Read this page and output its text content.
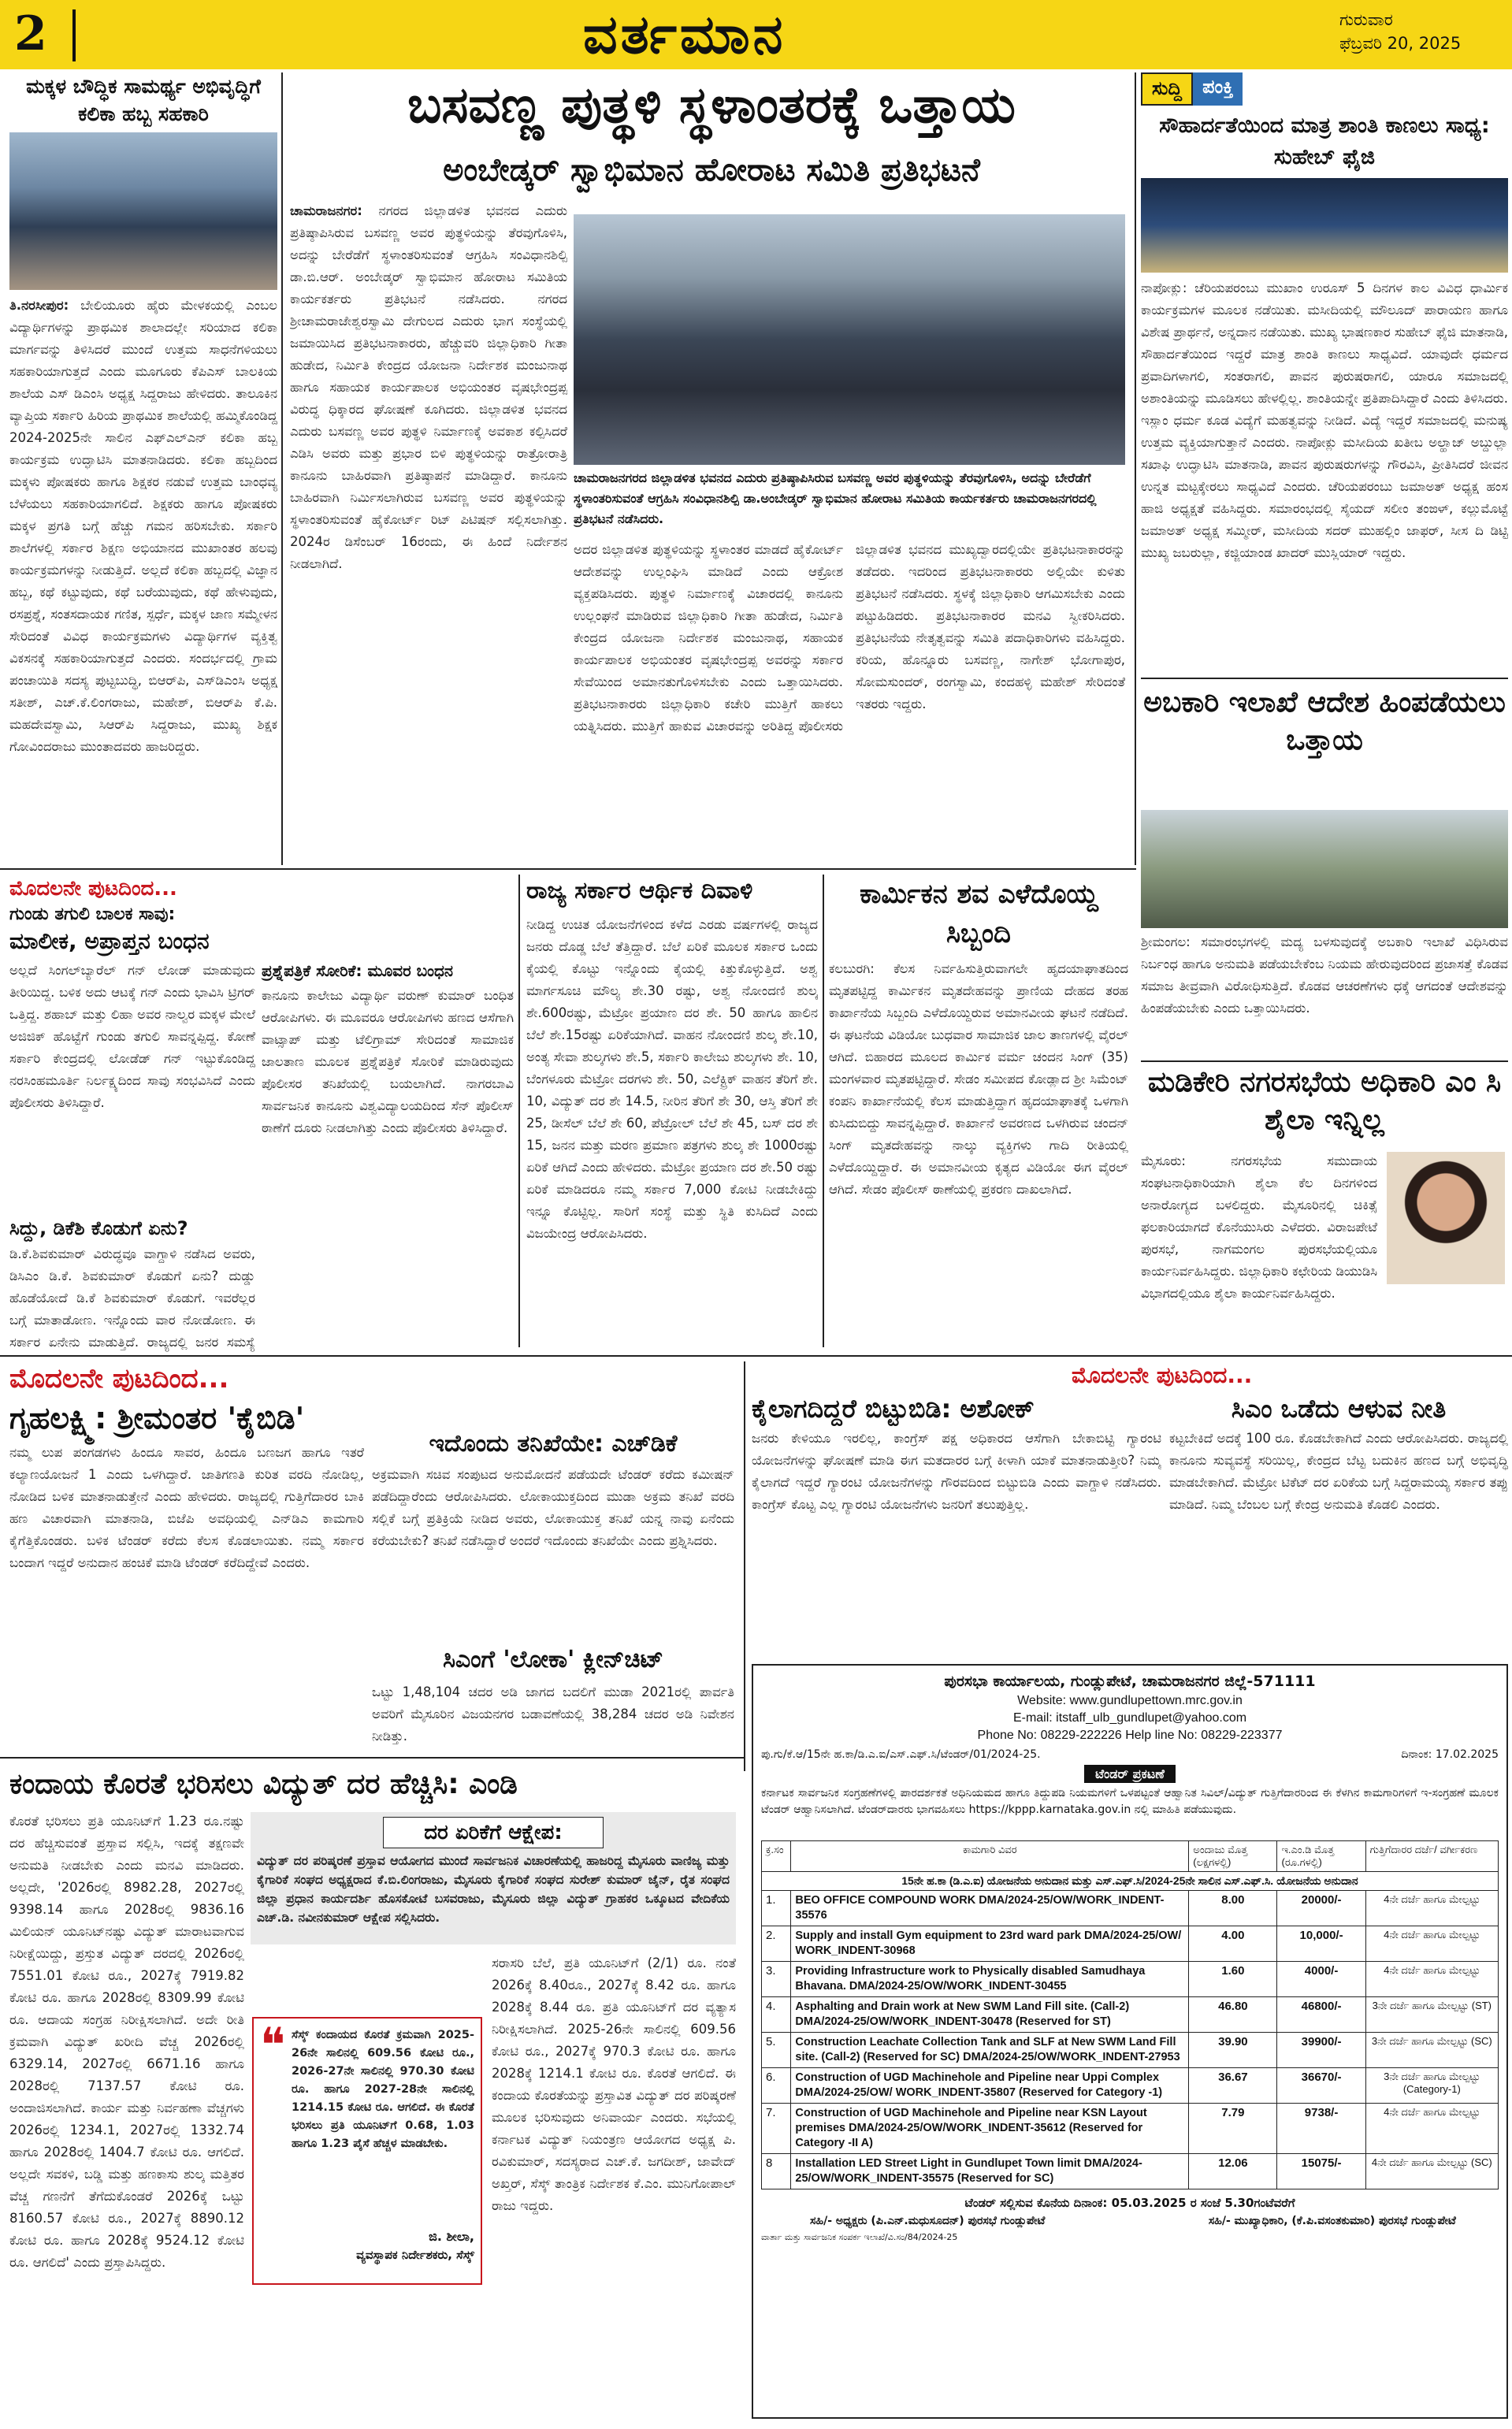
2	ವರ್ತಮಾನ	ಗುರುವಾರ
ಫೆಬ್ರವರಿ 20, 2025
ಮಕ್ಕಳ ಬೌದ್ಧಿಕ ಸಾಮರ್ಥ್ಯ ಅಭಿವೃದ್ಧಿಗೆ ಕಲಿಕಾ ಹಬ್ಬ ಸಹಕಾರಿ
ತಿ.ನರಸೀಪುರ: ಬೇಲಿಯೂರು ಹೈರು ಮೇಳಕಯಲ್ಲಿ ಎಂಬಲ ವಿದ್ಯಾರ್ಥಿಗಳನ್ನು ಪ್ರಾಥಮಿಕ ಶಾಲಾದಲ್ಲೇ ಸರಿಯಾದ ಕಲಿಕಾ ಮಾರ್ಗವನ್ನು ತಿಳಿಸಿದರೆ ಮುಂದೆ ಉತ್ತಮ ಸಾಧನೆಗಳಿಯಲು ಸಹಕಾರಿಯಾಗುತ್ತದೆ ಎಂದು ಮೂಗೂರು ಕೆಪಿಎಸ್ ಬಾಲಕಿಯ ಶಾಲೆಯ ಎಸ್ ಡಿಎಂಸಿ ಅಧ್ಯಕ್ಷ ಸಿದ್ದರಾಜು ಹೇಳಿದರು. ತಾಲೂಕಿನ ವ್ಯಾಪ್ತಿಯ ಸರ್ಕಾರಿ ಹಿರಿಯ ಪ್ರಾಥಮಿಕ ಶಾಲೆಯಲ್ಲಿ ಹಮ್ಮಿಕೊಂಡಿದ್ದ 2024-2025ನೇ ಸಾಲಿನ ಎಫ್ಎಲ್ಎನ್ ಕಲಿಕಾ ಹಬ್ಬ ಕಾರ್ಯಕ್ರಮ ಉದ್ಘಾಟಿಸಿ ಮಾತನಾಡಿದರು. ಕಲಿಕಾ ಹಬ್ಬದಿಂದ ಮಕ್ಕಳು ಪೋಷಕರು ಹಾಗೂ ಶಿಕ್ಷಕರ ನಡುವೆ ಉತ್ತಮ ಬಾಂಧವ್ಯ ಬೆಳೆಯಲು ಸಹಕಾರಿಯಾಗಲಿದೆ. ಶಿಕ್ಷಕರು ಹಾಗೂ ಪೋಷಕರು ಮಕ್ಕಳ ಪ್ರಗತಿ ಬಗ್ಗೆ ಹೆಚ್ಚು ಗಮನ ಹರಿಸಬೇಕು. ಸರ್ಕಾರಿ ಶಾಲೆಗಳಲ್ಲಿ ಸರ್ಕಾರ ಶಿಕ್ಷಣ ಅಭಿಯಾನದ ಮುಖಾಂತರ ಹಲವು ಕಾರ್ಯಕ್ರಮಗಳನ್ನು ನೀಡುತ್ತಿದೆ. ಅಲ್ಲದೆ ಕಲಿಕಾ ಹಬ್ಬದಲ್ಲಿ ವಿಜ್ಞಾನ ಹಬ್ಬ, ಕಥೆ ಕಟ್ಟುವುದು, ಕಥೆ ಬರೆಯುವುದು, ಕಥೆ ಹೇಳುವುದು, ರಸಪ್ರಶ್ನೆ, ಸಂತಸದಾಯಕ ಗಣಿತ, ಸ್ಪರ್ಧೆ, ಮಕ್ಕಳ ಜಾಣ ಸಮ್ಮೇಳನ ಸೇರಿದಂತೆ ವಿವಿಧ ಕಾರ್ಯಕ್ರಮಗಳು ವಿದ್ಯಾರ್ಥಿಗಳ ವ್ಯಕ್ತಿತ್ವ ವಿಕಸನಕ್ಕೆ ಸಹಕಾರಿಯಾಗುತ್ತದೆ ಎಂದರು. ಸಂದರ್ಭದಲ್ಲಿ ಗ್ರಾಮ ಪಂಚಾಯಿತಿ ಸದಸ್ಯ ಪುಟ್ಟಬುದ್ಧಿ, ಬಿಆರ್‌ಪಿ, ಎಸ್‌ಡಿಎಂಸಿ ಅಧ್ಯಕ್ಷ ಸತೀಶ್, ಎಚ್.ಕೆ.ಲಿಂಗರಾಜು, ಮಹೇಶ್, ಬಿಆರ್‌ಪಿ ಕೆ.ಪಿ. ಮಹದೇವಸ್ವಾಮಿ, ಸಿಆರ್‌ಪಿ ಸಿದ್ದರಾಜು, ಮುಖ್ಯ ಶಿಕ್ಷಕ ಗೋವಿಂದರಾಜು ಮುಂತಾದವರು ಹಾಜರಿದ್ದರು.
ಬಸವಣ್ಣ ಪುತ್ಥಳಿ ಸ್ಥಳಾಂತರಕ್ಕೆ ಒತ್ತಾಯ
ಅಂಬೇಡ್ಕರ್ ಸ್ವಾಭಿಮಾನ ಹೋರಾಟ ಸಮಿತಿ ಪ್ರತಿಭಟನೆ
ಚಾಮರಾಜನಗರ: ನಗರದ ಜಿಲ್ಲಾಡಳಿತ ಭವನದ ಎದುರು ಪ್ರತಿಷ್ಠಾಪಿಸಿರುವ ಬಸವಣ್ಣ ಅವರ ಪುತ್ಥಳಿಯನ್ನು ತೆರವುಗೊಳಿಸಿ, ಅದನ್ನು ಬೇರೆಡೆಗೆ ಸ್ಥಳಾಂತರಿಸುವಂತೆ ಆಗ್ರಹಿಸಿ ಸಂವಿಧಾನಶಿಲ್ಪಿ ಡಾ.ಬಿ.ಆರ್. ಅಂಬೇಡ್ಕರ್ ಸ್ವಾಭಿಮಾನ ಹೋರಾಟ ಸಮಿತಿಯ ಕಾರ್ಯಕರ್ತರು ಪ್ರತಿಭಟನೆ ನಡೆಸಿದರು. ನಗರದ ಶ್ರೀಚಾಮರಾಜೇಶ್ವರಸ್ವಾಮಿ ದೇಗುಲದ ಎದುರು ಭಾಗ ಸಂಸ್ಥೆಯಲ್ಲಿ ಜಮಾಯಿಸಿದ ಪ್ರತಿಭಟನಾಕಾರರು, ಹೆಚ್ಚುವರಿ ಜಿಲ್ಲಾಧಿಕಾರಿ ಗೀತಾ ಹುಡೇದ, ನಿರ್ಮಿತಿ ಕೇಂದ್ರದ ಯೋಜನಾ ನಿರ್ದೇಶಕ ಮಂಜುನಾಥ ಹಾಗೂ ಸಹಾಯಕ ಕಾರ್ಯಪಾಲಕ ಅಭಿಯಂತರ ವೃಷಭೇಂದ್ರಪ್ಪ ವಿರುದ್ಧ ಧಿಕ್ಕಾರದ ಘೋಷಣೆ ಕೂಗಿದರು. ಜಿಲ್ಲಾಡಳಿತ ಭವನದ ಎದುರು ಬಸವಣ್ಣ ಅವರ ಪುತ್ಥಳಿ ನಿರ್ಮಾಣಕ್ಕೆ ಅವಕಾಶ ಕಲ್ಪಿಸಿದರೆ ಎಡಿಸಿ ಅವರು ಮತ್ತು ಪ್ರಭಾರ ಬಿಳಿ ಪುತ್ಥಳಿಯನ್ನು ರಾತ್ರೋರಾತ್ರಿ ಕಾನೂನು ಬಾಹಿರವಾಗಿ ಪ್ರತಿಷ್ಠಾಪನೆ ಮಾಡಿದ್ದಾರೆ. ಕಾನೂನು ಬಾಹಿರವಾಗಿ ನಿರ್ಮಿಸಲಾಗಿರುವ ಬಸವಣ್ಣ ಅವರ ಪುತ್ಥಳಿಯನ್ನು ಸ್ಥಳಾಂತರಿಸುವಂತೆ ಹೈಕೋರ್ಟ್ ರಿಟ್ ಪಿಟಿಷನ್ ಸಲ್ಲಿಸಲಾಗಿತ್ತು. 2024ರ ಡಿಸೆಂಬರ್ 16ರಂದು, ಈ ಹಿಂದೆ ನಿರ್ದೇಶನ ನೀಡಲಾಗಿದೆ.
ಚಾಮರಾಜನಗರದ ಜಿಲ್ಲಾಡಳಿತ ಭವನದ ಎದುರು ಪ್ರತಿಷ್ಠಾಪಿಸಿರುವ ಬಸವಣ್ಣ ಅವರ ಪುತ್ಥಳಿಯನ್ನು ತೆರವುಗೊಳಿಸಿ, ಅದನ್ನು ಬೇರೆಡೆಗೆ ಸ್ಥಳಾಂತರಿಸುವಂತೆ ಆಗ್ರಹಿಸಿ ಸಂವಿಧಾನಶಿಲ್ಪಿ ಡಾ.ಅಂಬೇಡ್ಕರ್ ಸ್ವಾಭಿಮಾನ ಹೋರಾಟ ಸಮಿತಿಯ ಕಾರ್ಯಕರ್ತರು ಚಾಮರಾಜನಗರದಲ್ಲಿ ಪ್ರತಿಭಟನೆ ನಡೆಸಿದರು.
ಅದರ ಜಿಲ್ಲಾಡಳಿತ ಪುತ್ಥಳಿಯನ್ನು ಸ್ಥಳಾಂತರ ಮಾಡದೆ ಹೈಕೋರ್ಟ್ ಆದೇಶವನ್ನು ಉಲ್ಲಂಘಿಸಿ ಮಾಡಿದೆ ಎಂದು ಆಕ್ರೋಶ ವ್ಯಕ್ತಪಡಿಸಿದರು. ಪುತ್ಥಳಿ ನಿರ್ಮಾಣಕ್ಕೆ ವಿಚಾರದಲ್ಲಿ ಕಾನೂನು ಉಲ್ಲಂಘನೆ ಮಾಡಿರುವ ಜಿಲ್ಲಾಧಿಕಾರಿ ಗೀತಾ ಹುಡೇದ, ನಿರ್ಮಿತಿ ಕೇಂದ್ರದ ಯೋಜನಾ ನಿರ್ದೇಶಕ ಮಂಜುನಾಥ, ಸಹಾಯಕ ಕಾರ್ಯಪಾಲಕ ಅಭಿಯಂತರ ವೃಷಭೇಂದ್ರಪ್ಪ ಅವರನ್ನು ಸರ್ಕಾರ ಸೇವೆಯಿಂದ ಅಮಾನತುಗೊಳಿಸಬೇಕು ಎಂದು ಒತ್ತಾಯಿಸಿದರು. ಪ್ರತಿಭಟನಾಕಾರರು ಜಿಲ್ಲಾಧಿಕಾರಿ ಕಚೇರಿ ಮುತ್ತಿಗೆ ಹಾಕಲು ಯತ್ನಿಸಿದರು. ಮುತ್ತಿಗೆ ಹಾಕುವ ವಿಚಾರವನ್ನು ಅರಿತಿದ್ದ ಪೊಲೀಸರು ಜಿಲ್ಲಾಡಳಿತ ಭವನದ ಮುಖ್ಯದ್ವಾರದಲ್ಲಿಯೇ ಪ್ರತಿಭಟನಾಕಾರರನ್ನು ತಡೆದರು. ಇದರಿಂದ ಪ್ರತಿಭಟನಾಕಾರರು ಅಲ್ಲಿಯೇ ಕುಳಿತು ಪ್ರತಿಭಟನೆ ನಡೆಸಿದರು. ಸ್ಥಳಕ್ಕೆ ಜಿಲ್ಲಾಧಿಕಾರಿ ಆಗಮಿಸಬೇಕು ಎಂದು ಪಟ್ಟುಹಿಡಿದರು. ಪ್ರತಿಭಟನಾಕಾರರ ಮನವಿ ಸ್ವೀಕರಿಸಿದರು. ಪ್ರತಿಭಟನೆಯ ನೇತೃತ್ವವನ್ನು ಸಮಿತಿ ಪದಾಧಿಕಾರಿಗಳು ವಹಿಸಿದ್ದರು. ಕರಿಯ, ಹೊನ್ನೂರು ಬಸವಣ್ಣ, ನಾಗೇಶ್ ಭೋಗಾಪುರ, ಸೋಮಸುಂದರ್, ರಂಗಸ್ವಾಮಿ, ಕಂದಹಳ್ಳಿ ಮಹೇಶ್ ಸೇರಿದಂತೆ ಇತರರು ಇದ್ದರು.
ಸುದ್ದಿ	ಪಂಕ್ತಿ
ಸೌಹಾರ್ದತೆಯಿಂದ ಮಾತ್ರ ಶಾಂತಿ ಕಾಣಲು ಸಾಧ್ಯ: ಸುಹೇಬ್ ಫೈಜಿ
ನಾಪೋಕ್ಲು: ಚೆರಿಯಪರಂಬು ಮುಖಾಂ ಉರೂಸ್ 5 ದಿನಗಳ ಕಾಲ ವಿವಿಧ ಧಾರ್ಮಿಕ ಕಾರ್ಯಕ್ರಮಗಳ ಮೂಲಕ ನಡೆಯಿತು. ಮಸೀದಿಯಲ್ಲಿ ಮೌಲೂದ್ ಪಾರಾಯಣ ಹಾಗೂ ವಿಶೇಷ ಪ್ರಾರ್ಥನೆ, ಅನ್ನದಾನ ನಡೆಯಿತು. ಮುಖ್ಯ ಭಾಷಣಕಾರ ಸುಹೇಬ್ ಫೈಜಿ ಮಾತನಾಡಿ, ಸೌಹಾರ್ದತೆಯಿಂದ ಇದ್ದರೆ ಮಾತ್ರ ಶಾಂತಿ ಕಾಣಲು ಸಾಧ್ಯವಿದೆ. ಯಾವುದೇ ಧರ್ಮದ ಪ್ರವಾದಿಗಳಾಗಲಿ, ಸಂತರಾಗಲಿ, ಪಾವನ ಪುರುಷರಾಗಲಿ, ಯಾರೂ ಸಮಾಜದಲ್ಲಿ ಅಶಾಂತಿಯನ್ನು ಮೂಡಿಸಲು ಹೇಳಲ್ಲಿಲ್ಲ. ಶಾಂತಿಯನ್ನೇ ಪ್ರತಿಪಾದಿಸಿದ್ದಾರೆ ಎಂದು ತಿಳಿಸಿದರು. ಇಸ್ಲಾಂ ಧರ್ಮ ಕೂಡ ವಿದ್ಯೆಗೆ ಮಹತ್ವವನ್ನು ನೀಡಿದೆ. ವಿದ್ಯೆ ಇದ್ದರೆ ಸಮಾಜದಲ್ಲಿ ಮನುಷ್ಯ ಉತ್ತಮ ವ್ಯಕ್ತಿಯಾಗುತ್ತಾನೆ ಎಂದರು. ನಾಪೋಕ್ಲು ಮಸೀದಿಯ ಖತೀಬ ಅಲ್ಹಾಜ್ ಅಬ್ದುಲ್ಲಾ ಸಖಾಫಿ ಉದ್ಘಾಟಿಸಿ ಮಾತನಾಡಿ, ಪಾವನ ಪುರುಷರುಗಳನ್ನು ಗೌರವಿಸಿ, ಪ್ರೀತಿಸಿದರೆ ಜೀವನ ಉನ್ನತ ಮಟ್ಟಕ್ಕೇರಲು ಸಾಧ್ಯವಿದೆ ಎಂದರು. ಚೆರಿಯಪರಂಬು ಜಮಾಅತ್ ಅಧ್ಯಕ್ಷ ಹಂಸ ಹಾಜಿ ಅಧ್ಯಕ್ಷತೆ ವಹಿಸಿದ್ದರು. ಸಮಾರಂಭದಲ್ಲಿ ಸೈಯದ್ ಸಲೀಂ ತಂಙಳ್, ಕಲ್ಲುಮೊಟ್ಟೆ ಜಮಾಅತ್ ಅಧ್ಯಕ್ಷ ಸಮ್ಮೀರ್, ಮಸೀದಿಯ ಸದರ್ ಮುಹಲ್ಲಿಂ ಜಾಫರ್, ಸೀಸ ದಿ ಡಿಟ್ಟಿ ಮುಖ್ಯ ಜಬರುಲ್ಲಾ, ಕಜ್ಜಿಯಾಂಡ ಖಾದರ್ ಮುಸ್ಲಿಯಾರ್ ಇದ್ದರು.
ಅಬಕಾರಿ ಇಲಾಖೆ ಆದೇಶ ಹಿಂಪಡೆಯಲು ಒತ್ತಾಯ
ಶ್ರೀಮಂಗಲ: ಸಮಾರಂಭಗಳಲ್ಲಿ ಮದ್ಯ ಬಳಸುವುದಕ್ಕೆ ಅಬಕಾರಿ ಇಲಾಖೆ ವಿಧಿಸಿರುವ ನಿರ್ಬಂಧ ಹಾಗೂ ಅನುಮತಿ ಪಡೆಯಬೇಕೆಂಬ ನಿಯಮ ಹೇರುವುದರಿಂದ ಪ್ರಜಾಸತ್ತೆ ಕೊಡವ ಸಮಾಜ ತೀವ್ರವಾಗಿ ವಿರೋಧಿಸುತ್ತಿದೆ. ಕೊಡವ ಆಚರಣೆಗಳು ಧಕ್ಕೆ ಆಗದಂತೆ ಆದೇಶವನ್ನು ಹಿಂಪಡೆಯಬೇಕು ಎಂದು ಒತ್ತಾಯಿಸಿದರು.
ಮಡಿಕೇರಿ ನಗರಸಭೆಯ ಅಧಿಕಾರಿ ಎಂ ಸಿ ಶೈಲಾ ಇನ್ನಿಲ್ಲ
ಮೈಸೂರು: ನಗರಸಭೆಯ ಸಮುದಾಯ ಸಂಘಟನಾಧಿಕಾರಿಯಾಗಿ ಶೈಲಾ ಕೆಲ ದಿನಗಳಿಂದ ಅನಾರೋಗ್ಯದ ಬಳಲಿದ್ದರು. ಮೈಸೂರಿನಲ್ಲಿ ಚಿಕಿತ್ಸೆ ಫಲಕಾರಿಯಾಗದೆ ಕೊನೆಯುಸಿರು ಎಳೆದರು. ವಿರಾಜಪೇಟೆ ಪುರಸಭೆ, ನಾಗಮಂಗಲ ಪುರಸಭೆಯಲ್ಲಿಯೂ ಕಾರ್ಯನಿರ್ವಹಿಸಿದ್ದರು. ಜಿಲ್ಲಾಧಿಕಾರಿ ಕಛೇರಿಯ ಡಿಯುಡಿಸಿ ವಿಭಾಗದಲ್ಲಿಯೂ ಶೈಲಾ ಕಾರ್ಯನಿರ್ವಹಿಸಿದ್ದರು.
ಮೊದಲನೇ ಪುಟದಿಂದ...
ಗುಂಡು ತಗುಲಿ ಬಾಲಕ ಸಾವು:
ಮಾಲೀಕ, ಅಪ್ರಾಪ್ತನ ಬಂಧನ
ಅಲ್ಲದೆ ಸಿಂಗಲ್‌ಬ್ಯಾರೆಲ್ ಗನ್ ಲೋಡ್ ಮಾಡುವುದು ತೀರಿಯಿದ್ದ. ಬಳಿಕ ಅದು ಆಟಕ್ಕೆ ಗನ್ ಎಂದು ಭಾವಿಸಿ ಟ್ರಿಗರ್ ಒತ್ತಿದ್ದ. ಶಹಾಬ್ ಮತ್ತು ಲಿಹಾ ಅವರ ನಾಲ್ವರ ಮಕ್ಕಳ ಮೇಲೆ ಅಜಿಜಿಕ್ ಹೊಟ್ಟೆಗೆ ಗುಂಡು ತಗುಲಿ ಸಾವನ್ನಪ್ಪಿದ್ದ. ಕೋಣೆ ಸರ್ಕಾರಿ ಕೇಂದ್ರದಲ್ಲಿ ಲೋಡೆಡ್ ಗನ್ ಇಟ್ಟುಕೊಂಡಿದ್ದ ನರಸಿಂಹಮೂರ್ತಿ ನಿರ್ಲಕ್ಷ್ಯದಿಂದ ಸಾವು ಸಂಭವಿಸಿದೆ ಎಂದು ಪೊಲೀಸರು ತಿಳಿಸಿದ್ದಾರೆ.
ಸಿದ್ದು, ಡಿಕೆಶಿ ಕೊಡುಗೆ ಏನು?
ಡಿ.ಕೆ.ಶಿವಕುಮಾರ್ ವಿರುದ್ಧವೂ ವಾಗ್ದಾಳಿ ನಡೆಸಿದ ಅವರು, ಡಿಸಿಎಂ ಡಿ.ಕೆ. ಶಿವಕುಮಾರ್ ಕೊಡುಗೆ ಏನು? ದುಡ್ಡು ಹೊಡೆಯೋದೆ ಡಿ.ಕೆ ಶಿವಕುಮಾರ್ ಕೊಡುಗೆ. ಇವರೆಲ್ಲರ ಬಗ್ಗೆ ಮಾತಾಡೋಣ. ಇನ್ನೊಂದು ವಾರ ನೋಡೋಣ. ಈ ಸರ್ಕಾರ ಏನೇನು ಮಾಡುತ್ತಿದೆ. ರಾಜ್ಯದಲ್ಲಿ ಜನರ ಸಮಸ್ಯೆ
ಪ್ರಶ್ನೆಪತ್ರಿಕೆ ಸೋರಿಕೆ: ಮೂವರ ಬಂಧನ
ಕಾನೂನು ಕಾಲೇಜು ವಿದ್ಯಾರ್ಥಿ ವರುಣ್ ಕುಮಾರ್ ಬಂಧಿತ ಆರೋಪಿಗಳು. ಈ ಮೂವರೂ ಆರೋಪಿಗಳು ಹಣದ ಆಸೆಗಾಗಿ ವಾಟ್ಸಾಪ್ ಮತ್ತು ಟೆಲಿಗ್ರಾಮ್ ಸೇರಿದಂತೆ ಸಾಮಾಜಿಕ ಜಾಲತಾಣ ಮೂಲಕ ಪ್ರಶ್ನೆಪತ್ರಿಕೆ ಸೋರಿಕೆ ಮಾಡಿರುವುದು ಪೊಲೀಸರ ತನಿಖೆಯಲ್ಲಿ ಬಯಲಾಗಿದೆ. ನಾಗರಬಾವಿ ಸಾರ್ವಜನಿಕ ಕಾನೂನು ವಿಶ್ವವಿದ್ಯಾಲಯದಿಂದ ಸೆನ್ ಪೊಲೀಸ್ ಠಾಣೆಗೆ ದೂರು ನೀಡಲಾಗಿತ್ತು ಎಂದು ಪೊಲೀಸರು ತಿಳಿಸಿದ್ದಾರೆ.
ರಾಜ್ಯ ಸರ್ಕಾರ ಆರ್ಥಿಕ ದಿವಾಳಿ
ನೀಡಿದ್ದ ಉಚಿತ ಯೋಜನೆಗಳಿಂದ ಕಳೆದ ಎರಡು ವರ್ಷಗಳಲ್ಲಿ ರಾಜ್ಯದ ಜನರು ದೊಡ್ಡ ಬೆಲೆ ತೆತ್ತಿದ್ದಾರೆ. ಬೆಲೆ ಏರಿಕೆ ಮೂಲಕ ಸರ್ಕಾರ ಒಂದು ಕೈಯಲ್ಲಿ ಕೊಟ್ಟು ಇನ್ನೊಂದು ಕೈಯಲ್ಲಿ ಕಿತ್ತುಕೊಳ್ಳುತ್ತಿದೆ. ಅಶ್ವ ಮಾರ್ಗಸೂಚಿ ಮೌಲ್ಯ ಶೇ.30 ರಷ್ಟು, ಅಶ್ವ ನೋಂದಣಿ ಶುಲ್ಕ ಶೇ.600ರಷ್ಟು, ಮೆಟ್ರೋ ಪ್ರಯಾಣ ದರ ಶೇ. 50 ಹಾಗೂ ಹಾಲಿನ ಬೆಲೆ ಶೇ.15ರಷ್ಟು ಏರಿಕೆಯಾಗಿದೆ. ವಾಹನ ನೋಂದಣಿ ಶುಲ್ಕ ಶೇ.10, ಅಂತ್ಯ ಸೇವಾ ಶುಲ್ಕಗಳು ಶೇ.5, ಸರ್ಕಾರಿ ಕಾಲೇಜು ಶುಲ್ಕಗಳು ಶೇ. 10, ಬೆಂಗಳೂರು ಮೆಟ್ರೋ ದರಗಳು ಶೇ. 50, ಎಲೆಕ್ಟ್ರಿಕ್ ವಾಹನ ತೆರಿಗೆ ಶೇ. 10, ವಿದ್ಯುತ್ ದರ ಶೇ 14.5, ನೀರಿನ ತೆರಿಗೆ ಶೇ 30, ಆಸ್ತಿ ತೆರಿಗೆ ಶೇ 25, ಡೀಸೆಲ್ ಬೆಲೆ ಶೇ 60, ಪೆಟ್ರೋಲ್ ಬೆಲೆ ಶೇ 45, ಬಸ್ ದರ ಶೇ 15, ಜನನ ಮತ್ತು ಮರಣ ಪ್ರಮಾಣ ಪತ್ರಗಳು ಶುಲ್ಕ ಶೇ 1000ರಷ್ಟು ಏರಿಕೆ ಆಗಿದೆ ಎಂದು ಹೇಳಿದರು. ಮೆಟ್ರೋ ಪ್ರಯಾಣ ದರ ಶೇ.50 ರಷ್ಟು ಏರಿಕೆ ಮಾಡಿದರೂ ನಮ್ಮ ಸರ್ಕಾರ 7,000 ಕೋಟಿ ನೀಡಬೇಕಿದ್ದು ಇನ್ನೂ ಕೊಟ್ಟಿಲ್ಲ. ಸಾರಿಗೆ ಸಂಸ್ಥೆ ಮತ್ತು ಸ್ಥಿತಿ ಕುಸಿದಿದೆ ಎಂದು ವಿಜಯೇಂದ್ರ ಆರೋಪಿಸಿದರು.
ಕಾರ್ಮಿಕನ ಶವ ಎಳೆದೊಯ್ದ ಸಿಬ್ಬಂದಿ
ಕಲಬುರಗಿ: ಕೆಲಸ ನಿರ್ವಹಿಸುತ್ತಿರುವಾಗಲೇ ಹೃದಯಾಘಾತದಿಂದ ಮೃತಪಟ್ಟಿದ್ದ ಕಾರ್ಮಿಕನ ಮೃತದೇಹವನ್ನು ಪ್ರಾಣಿಯ ದೇಹದ ತರಹ ಕಾರ್ಖಾನೆಯ ಸಿಬ್ಬಂದಿ ಎಳೆದೊಯ್ದಿರುವ ಅಮಾನವೀಯ ಘಟನೆ ನಡೆದಿದೆ. ಈ ಘಟನೆಯ ವಿಡಿಯೋ ಬುಧವಾರ ಸಾಮಾಜಿಕ ಜಾಲ ತಾಣಗಳಲ್ಲಿ ವೈರಲ್ ಆಗಿದೆ. ಬಿಹಾರದ ಮೂಲದ ಕಾರ್ಮಿಕ ವರ್ಮ ಚಂದನ ಸಿಂಗ್ (35) ಮಂಗಳವಾರ ಮೃತಪಟ್ಟಿದ್ದಾರೆ. ಸೇಡಂ ಸಮೀಪದ ಕೋಡ್ಲಾದ ಶ್ರೀ ಸಿಮೆಂಟ್ ಕಂಪನಿ ಕಾರ್ಖಾನೆಯಲ್ಲಿ ಕೆಲಸ ಮಾಡುತ್ತಿದ್ದಾಗ ಹೃದಯಾಘಾತಕ್ಕೆ ಒಳಗಾಗಿ ಕುಸಿದುಬಿದ್ದು ಸಾವನ್ನಪ್ಪಿದ್ದಾರೆ. ಕಾರ್ಖಾನೆ ಅವರಣದ ಒಳಗಿರುವ ಚಂದನ್ ಸಿಂಗ್ ಮೃತದೇಹವನ್ನು ನಾಲ್ಕು ವ್ಯಕ್ತಿಗಳು ಗಾದಿ ರೀತಿಯಲ್ಲಿ ಎಳೆದೊಯ್ದಿದ್ದಾರೆ. ಈ ಅಮಾನವೀಯ ಕೃತ್ಯದ ವಿಡಿಯೋ ಈಗ ವೈರಲ್ ಆಗಿದೆ. ಸೇಡಂ ಪೊಲೀಸ್ ಠಾಣೆಯಲ್ಲಿ ಪ್ರಕರಣ ದಾಖಲಾಗಿದೆ.
ಮೊದಲನೇ ಪುಟದಿಂದ...
ಗೃಹಲಕ್ಷ್ಮಿ: ಶ್ರೀಮಂತರ 'ಕೈಬಿಡಿ'
ನಮ್ಮ ಲುಪ ಪಂಗಡಗಳು ಹಿಂದೂ ಸಾವರ, ಹಿಂದೂ ಬಣಜಗ ಹಾಗೂ ಇತರೆ ಕಲ್ಯಾಣಯೋಜನೆ 1 ಎಂದು ಒಳಗಿದ್ದಾರೆ. ಜಾತಿಗಣತಿ ಕುರಿತ ವರದಿ ನೋಡಿಲ್ಲ, ನೋಡಿದ ಬಳಿಕ ಮಾತನಾಡುತ್ತೇನೆ ಎಂದು ಹೇಳಿದರು. ರಾಜ್ಯದಲ್ಲಿ ಗುತ್ತಿಗೆದಾರರ ಬಾಕಿ ಹಣ ವಿಚಾರವಾಗಿ ಮಾತನಾಡಿ, ಬಿಜೆಪಿ ಅವಧಿಯಲ್ಲಿ ಎನ್‌ಡಿಎ ಕಾಮಗಾರಿ ಕೈಗೆತ್ತಿಕೊಂಡರು. ಬಳಿಕ ಟೆಂಡರ್ ಕರೆದು ಕೆಲಸ ಕೊಡಲಾಯಿತು. ನಮ್ಮ ಸರ್ಕಾರ ಬಂದಾಗ ಇದ್ದರೆ ಅನುದಾನ ಹಂಚಿಕೆ ಮಾಡಿ ಟೆಂಡರ್ ಕರೆದಿದ್ದೇವೆ ಎಂದರು.
ಇದೊಂದು ತನಿಖೆಯೇ: ಎಚ್‌ಡಿಕೆ
ಅಕ್ರಮವಾಗಿ ಸಚಿವ ಸಂಪುಟದ ಅನುಮೋದನೆ ಪಡೆಯದೇ ಟೆಂಡರ್ ಕರೆದು ಕಮೀಷನ್ ಪಡೆದಿದ್ದಾರೆಂದು ಆರೋಪಿಸಿದರು. ಲೋಕಾಯುಕ್ತದಿಂದ ಮುಡಾ ಅಕ್ರಮ ತನಿಖೆ ವರದಿ ಸಲ್ಲಿಕೆ ಬಗ್ಗೆ ಪ್ರತಿಕ್ರಿಯೆ ನೀಡಿದ ಅವರು, ಲೋಕಾಯುಕ್ತ ತನಿಖೆ ಯನ್ನ ನಾವು ಏನೆಂದು ಕರೆಯಬೇಕು? ತನಿಖೆ ನಡೆಸಿದ್ದಾರೆ ಅಂದರೆ ಇದೊಂದು ತನಿಖೆಯೇ ಎಂದು ಪ್ರಶ್ನಿಸಿದರು.
ಸಿಎಂಗೆ 'ಲೋಕಾ' ಕ್ಲೀನ್‌ಚಿಟ್
ಒಟ್ಟು 1,48,104 ಚದರ ಅಡಿ ಜಾಗದ ಬದಲಿಗೆ ಮುಡಾ 2021ರಲ್ಲಿ ಪಾರ್ವತಿ ಅವರಿಗೆ ಮೈಸೂರಿನ ವಿಜಯನಗರ ಬಡಾವಣೆಯಲ್ಲಿ 38,284 ಚದರ ಅಡಿ ನಿವೇಶನ ನೀಡಿತ್ತು.
ಮೊದಲನೇ ಪುಟದಿಂದ...
ಕೈಲಾಗದಿದ್ದರೆ ಬಿಟ್ಟುಬಿಡಿ: ಅಶೋಕ್
ಜನರು ಕೇಳಿಯೂ ಇರಲಿಲ್ಲ, ಕಾಂಗ್ರೆಸ್ ಪಕ್ಷ ಅಧಿಕಾರದ ಆಸೆಗಾಗಿ ಬೇಕಾಬಿಟ್ಟಿ ಗ್ಯಾರಂಟಿ ಯೋಜನೆಗಳನ್ನು ಘೋಷಣೆ ಮಾಡಿ ಈಗ ಮತದಾರರ ಬಗ್ಗೆ ಕೀಳಾಗಿ ಯಾಕೆ ಮಾತನಾಡುತ್ತೀರಿ? ನಿಮ್ಮ ಕೈಲಾಗದೆ ಇದ್ದರೆ ಗ್ಯಾರಂಟಿ ಯೋಜನೆಗಳನ್ನು ಗೌರವದಿಂದ ಬಿಟ್ಟುಬಿಡಿ ಎಂದು ವಾಗ್ದಾಳಿ ನಡೆಸಿದರು. ಕಾಂಗ್ರೆಸ್ ಕೊಟ್ಟ ಎಲ್ಲ ಗ್ಯಾರಂಟಿ ಯೋಜನೆಗಳು ಜನರಿಗೆ ತಲುಪುತ್ತಿಲ್ಲ.
ಸಿಎಂ ಒಡೆದು ಆಳುವ ನೀತಿ
ಕಟ್ಟಬೇಕಿದೆ ಅದಕ್ಕೆ 100 ರೂ. ಕೊಡಬೇಕಾಗಿದೆ ಎಂದು ಆರೋಪಿಸಿದರು. ರಾಜ್ಯದಲ್ಲಿ ಕಾನೂನು ಸುವ್ಯವಸ್ಥೆ ಸರಿಯಿಲ್ಲ, ಕೇಂದ್ರದ ಬೆಟ್ಟ ಬದುಕಿನ ಹಣದ ಬಗ್ಗೆ ಅಭಿವೃದ್ಧಿ ಮಾಡಬೇಕಾಗಿದೆ. ಮೆಟ್ರೋ ಟಿಕೆಟ್ ದರ ಏರಿಕೆಯ ಬಗ್ಗೆ ಸಿದ್ದರಾಮಯ್ಯ ಸರ್ಕಾರ ತಪ್ಪು ಮಾಡಿದೆ. ನಿಮ್ಮ ಬೆಂಬಲ ಬಗ್ಗೆ ಕೇಂದ್ರ ಅನುಮತಿ ಕೊಡಲಿ ಎಂದರು.
ಕಂದಾಯ ಕೊರತೆ ಭರಿಸಲು ವಿದ್ಯುತ್ ದರ ಹೆಚ್ಚಿಸಿ: ಎಂಡಿ
ಕೊರತೆ ಭರಿಸಲು ಪ್ರತಿ ಯೂನಿಟ್‌ಗೆ 1.23 ರೂ.ನಷ್ಟು ದರ ಹೆಚ್ಚಿಸುವಂತೆ ಪ್ರಸ್ತಾವ ಸಲ್ಲಿಸಿ, ಇದಕ್ಕೆ ತಕ್ಷಣವೇ ಅನುಮತಿ ನೀಡಬೇಕು ಎಂದು ಮನವಿ ಮಾಡಿದರು. ಅಲ್ಲದೇ, '2026ರಲ್ಲಿ 8982.28, 2027ರಲ್ಲಿ 9398.14 ಹಾಗೂ 2028ರಲ್ಲಿ 9836.16 ಮಿಲಿಯನ್ ಯೂನಿಟ್‌ನಷ್ಟು ವಿದ್ಯುತ್ ಮಾರಾಟವಾಗುವ ನಿರೀಕ್ಷೆಯಿದ್ದು, ಪ್ರಸ್ತುತ ವಿದ್ಯುತ್ ದರದಲ್ಲಿ 2026ರಲ್ಲಿ 7551.01 ಕೋಟಿ ರೂ., 2027ಕ್ಕೆ 7919.82 ಕೋಟಿ ರೂ. ಹಾಗೂ 2028ರಲ್ಲಿ 8309.99 ಕೋಟಿ ರೂ. ಆದಾಯ ಸಂಗ್ರಹ ನಿರೀಕ್ಷಿಸಲಾಗಿದೆ. ಅದೇ ರೀತಿ ಕ್ರಮವಾಗಿ ವಿದ್ಯುತ್ ಖರೀದಿ ವೆಚ್ಚ 2026ರಲ್ಲಿ 6329.14, 2027ರಲ್ಲಿ 6671.16 ಹಾಗೂ 2028ರಲ್ಲಿ 7137.57 ಕೋಟಿ ರೂ. ಅಂದಾಜಿಸಲಾಗಿದೆ. ಕಾರ್ಯ ಮತ್ತು ನಿರ್ವಹಣಾ ವೆಚ್ಚಗಳು 2026ರಲ್ಲಿ 1234.1, 2027ರಲ್ಲಿ 1332.74 ಹಾಗೂ 2028ರಲ್ಲಿ 1404.7 ಕೋಟಿ ರೂ. ಆಗಲಿದೆ. ಅಲ್ಲದೇ ಸವಕಳಿ, ಬಡ್ಡಿ ಮತ್ತು ಹಣಕಾಸು ಶುಲ್ಕ ಮತ್ತಿತರ ವೆಚ್ಚ ಗಣನೆಗೆ ತೆಗೆದುಕೊಂಡರೆ 2026ಕ್ಕೆ ಒಟ್ಟು 8160.57 ಕೋಟಿ ರೂ., 2027ಕ್ಕೆ 8890.12 ಕೋಟಿ ರೂ. ಹಾಗೂ 2028ಕ್ಕೆ 9524.12 ಕೋಟಿ ರೂ. ಆಗಲಿದೆ' ಎಂದು ಪ್ರಸ್ತಾಪಿಸಿದ್ದರು.
ದರ ಏರಿಕೆಗೆ ಆಕ್ಷೇಪ:
ವಿದ್ಯುತ್ ದರ ಪರಿಷ್ಕರಣೆ ಪ್ರಸ್ತಾವ ಆಯೋಗದ ಮುಂದೆ ಸಾರ್ವಜನಿಕ ವಿಚಾರಣೆಯಲ್ಲಿ ಹಾಜರಿದ್ದ ಮೈಸೂರು ವಾಣಿಜ್ಯ ಮತ್ತು ಕೈಗಾರಿಕೆ ಸಂಘದ ಅಧ್ಯಕ್ಷರಾದ ಕೆ.ಬಿ.ಲಿಂಗರಾಜು, ಮೈಸೂರು ಕೈಗಾರಿಕೆ ಸಂಘದ ಸುರೇಶ್ ಕುಮಾರ್ ಜೈನ್, ರೈತ ಸಂಘದ ಜಿಲ್ಲಾ ಪ್ರಧಾನ ಕಾರ್ಯದರ್ಶಿ ಹೊಸಕೋಟೆ ಬಸವರಾಜು, ಮೈಸೂರು ಜಿಲ್ಲಾ ವಿದ್ಯುತ್ ಗ್ರಾಹಕರ ಒಕ್ಕೂಟದ ವೇದಿಕೆಯ ಎಚ್.ಡಿ. ನವೀನಕುಮಾರ್ ಆಕ್ಷೇಪ ಸಲ್ಲಿಸಿದರು.
❝ ಸೆಸ್ಕ್ ಕಂದಾಯದ ಕೊರತೆ ಕ್ರಮವಾಗಿ 2025-26ನೇ ಸಾಲಿನಲ್ಲಿ 609.56 ಕೋಟಿ ರೂ., 2026-27ನೇ ಸಾಲಿನಲ್ಲಿ 970.30 ಕೋಟಿ ರೂ. ಹಾಗೂ 2027-28ನೇ ಸಾಲಿನಲ್ಲಿ 1214.15 ಕೋಟಿ ರೂ. ಆಗಲಿದೆ. ಈ ಕೊರತೆ ಭರಿಸಲು ಪ್ರತಿ ಯೂನಿಟ್‌ಗೆ 0.68, 1.03 ಹಾಗೂ 1.23 ಪೈಸೆ ಹೆಚ್ಚಳ ಮಾಡಬೇಕು.
ಜಿ. ಶೀಲಾ,
ವ್ಯವಸ್ಥಾಪಕ ನಿರ್ದೇಶಕರು, ಸೆಸ್ಕ್
ಸರಾಸರಿ ಬೆಲೆ, ಪ್ರತಿ ಯೂನಿಟ್‌ಗೆ (2/1) ರೂ. ನಂತೆ 2026ಕ್ಕೆ 8.40ರೂ., 2027ಕ್ಕೆ 8.42 ರೂ. ಹಾಗೂ 2028ಕ್ಕೆ 8.44 ರೂ. ಪ್ರತಿ ಯೂನಿಟ್‌ಗೆ ದರ ವ್ಯತ್ಯಾಸ ನಿರೀಕ್ಷಿಸಲಾಗಿದೆ. 2025-26ನೇ ಸಾಲಿನಲ್ಲಿ 609.56 ಕೋಟಿ ರೂ., 2027ಕ್ಕೆ 970.3 ಕೋಟಿ ರೂ. ಹಾಗೂ 2028ಕ್ಕೆ 1214.1 ಕೋಟಿ ರೂ. ಕೊರತೆ ಆಗಲಿದೆ. ಈ ಕಂದಾಯ ಕೊರತೆಯನ್ನು ಪ್ರಸ್ತಾವಿತ ವಿದ್ಯುತ್ ದರ ಪರಿಷ್ಕರಣೆ ಮೂಲಕ ಭರಿಸುವುದು ಅನಿವಾರ್ಯ ಎಂದರು. ಸಭೆಯಲ್ಲಿ ಕರ್ನಾಟಕ ವಿದ್ಯುತ್ ನಿಯಂತ್ರಣ ಆಯೋಗದ ಅಧ್ಯಕ್ಷ ಪಿ. ರವಿಕುಮಾರ್, ಸದಸ್ಯರಾದ ಎಚ್.ಕೆ. ಜಗದೀಶ್, ಜಾವೇದ್ ಅಖ್ತರ್, ಸೆಸ್ಕ್ ತಾಂತ್ರಿಕ ನಿರ್ದೇಶಕ ಕೆ.ಎಂ. ಮುನಿಗೋಪಾಲ್ ರಾಜು ಇದ್ದರು.
ಪುರಸಭಾ ಕಾರ್ಯಾಲಯ, ಗುಂಡ್ಲುಪೇಟೆ, ಚಾಮರಾಜನಗರ ಜಿಲ್ಲೆ-571111
Website: www.gundlupettown.mrc.gov.in
E-mail: itstaff_ulb_gundlupet@yahoo.com
Phone No: 08229-222226 Help line No: 08229-223377
ಪು.ಗು/ಕೆ.ಆ/15ನೇ ಹ.ಕಾ/ಡಿ.ಎ.ಐ/ಎಸ್.ಎಫ್.ಸಿ/ಟೆಂಡರ್/01/2024-25.	ದಿನಾಂಕ: 17.02.2025
ಟೆಂಡರ್ ಪ್ರಕಟಣೆ
ಕರ್ನಾಟಕ ಸಾರ್ವಜನಿಕ ಸಂಗ್ರಹಣೆಗಳಲ್ಲಿ ಪಾರದರ್ಶಕತೆ ಅಧಿನಿಯಮದ ಹಾಗೂ ತಿದ್ದುಪಡಿ ನಿಯಮಗಳಿಗೆ ಒಳಪಟ್ಟಂತೆ ಆಹ್ವಾನಿತ ಸಿವಿಲ್/ವಿದ್ಯುತ್ ಗುತ್ತಿಗೆದಾರರಿಂದ ಈ ಕೆಳಗಿನ ಕಾಮಗಾರಿಗಳಿಗೆ ಇ-ಸಂಗ್ರಹಣೆ ಮೂಲಕ ಟೆಂಡರ್ ಆಹ್ವಾನಿಸಲಾಗಿದೆ. ಟೆಂಡರ್‌ದಾರರು ಭಾಗವಹಿಸಲು https://kppp.karnataka.gov.in ನಲ್ಲಿ ಮಾಹಿತಿ ಪಡೆಯುವುದು.
ಕ್ರ.ಸಂ	ಕಾಮಗಾರಿ ವಿವರ	ಅಂದಾಜು ಮೊತ್ತ (ಲಕ್ಷಗಳಲ್ಲಿ)	ಇ.ಎಂ.ಡಿ ಮೊತ್ತ (ರೂ.ಗಳಲ್ಲಿ)	ಗುತ್ತಿಗೆದಾರರ ದರ್ಜೆ/ ವರ್ಗೀಕರಣ
15ನೇ ಹ.ಕಾ (ಡಿ.ಎ.ಐ) ಯೋಜನೆಯ ಅನುದಾನ ಮತ್ತು ಎಸ್.ಎಫ್.ಸಿ/2024-25ನೇ ಸಾಲಿನ ಎಸ್.ಎಫ್.ಸಿ. ಯೋಜನೆಯ ಅನುದಾನ				
1.	BEO OFFICE COMPOUND WORK DMA/2024-25/OW/WORK_INDENT-35576	8.00	20000/-	4ನೇ ದರ್ಜೆ ಹಾಗೂ ಮೇಲ್ಪಟ್ಟು
2.	Supply and install Gym equipment to 23rd ward park DMA/2024-25/OW/ WORK_INDENT-30968	4.00	10,000/-	4ನೇ ದರ್ಜೆ ಹಾಗೂ ಮೇಲ್ಪಟ್ಟು
3.	Providing Infrastructure work to Physically disabled Samudhaya Bhavana. DMA/2024-25/OW/WORK_INDENT-30455	1.60	4000/-	4ನೇ ದರ್ಜೆ ಹಾಗೂ ಮೇಲ್ಪಟ್ಟು
4.	Asphalting and Drain work at New SWM Land Fill site. (Call-2) DMA/2024-25/OW/WORK_INDENT-30478 (Reserved for ST)	46.80	46800/-	3ನೇ ದರ್ಜೆ ಹಾಗೂ ಮೇಲ್ಪಟ್ಟು (ST)
5.	Construction Leachate Collection Tank and SLF at New SWM Land Fill site. (Call-2) (Reserved for SC) DMA/2024-25/OW/WORK_INDENT-27953	39.90	39900/-	3ನೇ ದರ್ಜೆ ಹಾಗೂ ಮೇಲ್ಪಟ್ಟು (SC)
6.	Construction of UGD Machinehole and Pipeline near Uppi Complex DMA/2024-25/OW/ WORK_INDENT-35807 (Reserved for Category -1)	36.67	36670/-	3ನೇ ದರ್ಜೆ ಹಾಗೂ ಮೇಲ್ಪಟ್ಟು (Category-1)
7.	Construction of UGD Machinehole and Pipeline near KSN Layout premises DMA/2024-25/OW/WORK_INDENT-35612 (Reserved for Category -II A)	7.79	9738/-	4ನೇ ದರ್ಜೆ ಹಾಗೂ ಮೇಲ್ಪಟ್ಟು
8	Installation LED Street Light in Gundlupet Town limit DMA/2024-25/OW/WORK_INDENT-35575 (Reserved for SC)	12.06	15075/-	4ನೇ ದರ್ಜೆ ಹಾಗೂ ಮೇಲ್ಪಟ್ಟು (SC)
ಟೆಂಡರ್ ಸಲ್ಲಿಸುವ ಕೊನೆಯ ದಿನಾಂಕ: 05.03.2025 ರ ಸಂಜೆ 5.30ಗಂಟೆವರೆಗೆ
ಸಹಿ/- ಅಧ್ಯಕ್ಷರು (ಪಿ.ಎನ್.ಮಧುಸೂದನ್) ಪುರಸಭೆ ಗುಂಡ್ಲುಪೇಟೆ	ಸಹಿ/- ಮುಖ್ಯಾಧಿಕಾರಿ, (ಕೆ.ಪಿ.ವಸಂತಕುಮಾರಿ) ಪುರಸಭೆ ಗುಂಡ್ಲುಪೇಟೆ
ವಾರ್ತಾ ಮತ್ತು ಸಾರ್ವಜನಿಕ ಸಂಪರ್ಕ ಇಲಾಖೆ/ವಿ.ಸಂ/84/2024-25
